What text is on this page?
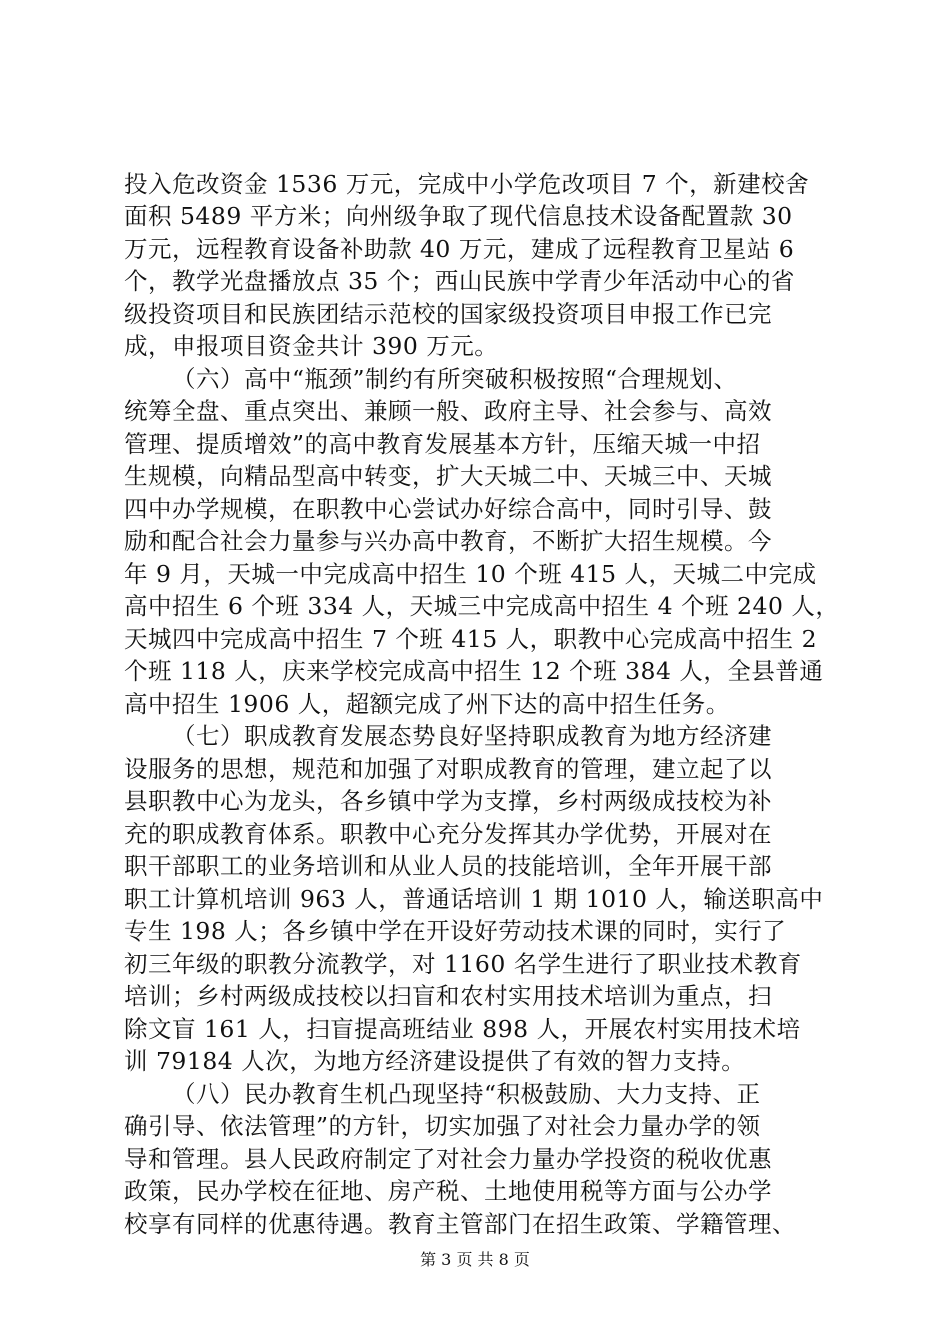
投入危改资金 1536 万元，完成中小学危改项目 7 个，新建校舍
面积 5489 平方米；向州级争取了现代信息技术设备配置款 30
万元，远程教育设备补助款 40 万元，建成了远程教育卫星站 6
个，教学光盘播放点 35 个；西山民族中学青少年活动中心的省
级投资项目和民族团结示范校的国家级投资项目申报工作已完
成，申报项目资金共计 390 万元。
（六）高中“瓶颈”制约有所突破积极按照“合理规划、
统筹全盘、重点突出、兼顾一般、政府主导、社会参与、高效
管理、提质增效”的高中教育发展基本方针，压缩天城一中招
生规模，向精品型高中转变，扩大天城二中、天城三中、天城
四中办学规模，在职教中心尝试办好综合高中，同时引导、鼓
励和配合社会力量参与兴办高中教育，不断扩大招生规模。今
年 9 月，天城一中完成高中招生 10 个班 415 人，天城二中完成
高中招生 6 个班 334 人，天城三中完成高中招生 4 个班 240 人，
天城四中完成高中招生 7 个班 415 人，职教中心完成高中招生 2
个班 118 人，庆来学校完成高中招生 12 个班 384 人，全县普通
高中招生 1906 人，超额完成了州下达的高中招生任务。
（七）职成教育发展态势良好坚持职成教育为地方经济建
设服务的思想，规范和加强了对职成教育的管理，建立起了以
县职教中心为龙头，各乡镇中学为支撑，乡村两级成技校为补
充的职成教育体系。职教中心充分发挥其办学优势，开展对在
职干部职工的业务培训和从业人员的技能培训，全年开展干部
职工计算机培训 963 人，普通话培训 1 期 1010 人，输送职高中
专生 198 人；各乡镇中学在开设好劳动技术课的同时，实行了
初三年级的职教分流教学，对 1160 名学生进行了职业技术教育
培训；乡村两级成技校以扫盲和农村实用技术培训为重点，扫
除文盲 161 人，扫盲提高班结业 898 人，开展农村实用技术培
训 79184 人次，为地方经济建设提供了有效的智力支持。
（八）民办教育生机凸现坚持“积极鼓励、大力支持、正
确引导、依法管理”的方针，切实加强了对社会力量办学的领
导和管理。县人民政府制定了对社会力量办学投资的税收优惠
政策，民办学校在征地、房产税、土地使用税等方面与公办学
校享有同样的优惠待遇。教育主管部门在招生政策、学籍管理、
第 3 页 共 8 页
